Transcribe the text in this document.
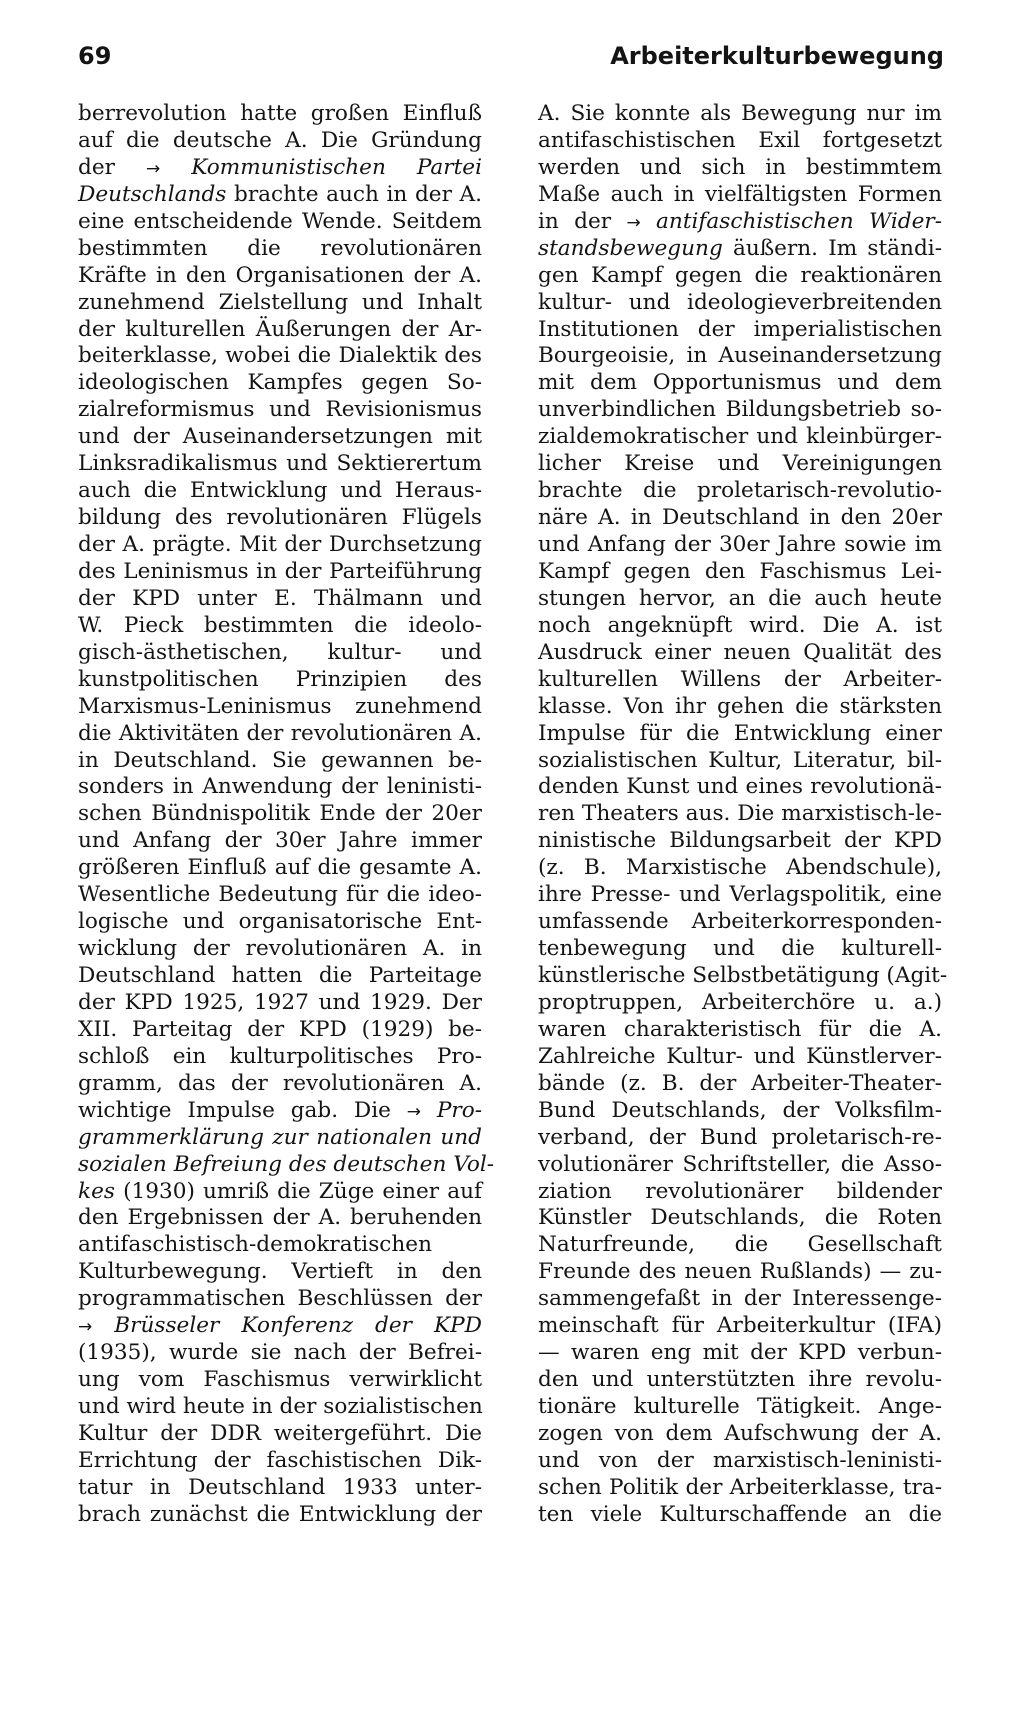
69	Arbeiterkulturbewegung
berrevolution hatte großen Einfluß
auf die deutsche A. Die Gründung
der → Kommunistischen Partei
Deutschlands brachte auch in der A.
eine entscheidende Wende. Seitdem
bestimmten die revolutionären
Kräfte in den Organisationen der A.
zunehmend Zielstellung und Inhalt
der kulturellen Äußerungen der Ar-
beiterklasse, wobei die Dialektik des
ideologischen Kampfes gegen So-
zialreformismus und Revisionismus
und der Auseinandersetzungen mit
Linksradikalismus und Sektierertum
auch die Entwicklung und Heraus-
bildung des revolutionären Flügels
der A. prägte. Mit der Durchsetzung
des Leninismus in der Parteiführung
der KPD unter E. Thälmann und
W. Pieck bestimmten die ideolo-
gisch-ästhetischen, kultur- und
kunstpolitischen Prinzipien des
Marxismus-Leninismus zunehmend
die Aktivitäten der revolutionären A.
in Deutschland. Sie gewannen be-
sonders in Anwendung der leninisti-
schen Bündnispolitik Ende der 20er
und Anfang der 30er Jahre immer
größeren Einfluß auf die gesamte A.
Wesentliche Bedeutung für die ideo-
logische und organisatorische Ent-
wicklung der revolutionären A. in
Deutschland hatten die Parteitage
der KPD 1925, 1927 und 1929. Der
XII. Parteitag der KPD (1929) be-
schloß ein kulturpolitisches Pro-
gramm, das der revolutionären A.
wichtige Impulse gab. Die → Pro-
grammerklärung zur nationalen und
sozialen Befreiung des deutschen Vol-
kes (1930) umriß die Züge einer auf
den Ergebnissen der A. beruhenden
antifaschistisch-demokratischen
Kulturbewegung. Vertieft in den
programmatischen Beschlüssen der
→ Brüsseler Konferenz der KPD
(1935), wurde sie nach der Befrei-
ung vom Faschismus verwirklicht
und wird heute in der sozialistischen
Kultur der DDR weitergeführt. Die
Errichtung der faschistischen Dik-
tatur in Deutschland 1933 unter-
brach zunächst die Entwicklung der
A. Sie konnte als Bewegung nur im
antifaschistischen Exil fortgesetzt
werden und sich in bestimmtem
Maße auch in vielfältigsten Formen
in der → antifaschistischen Wider-
standsbewegung äußern. Im ständi-
gen Kampf gegen die reaktionären
kultur- und ideologieverbreitenden
Institutionen der imperialistischen
Bourgeoisie, in Auseinandersetzung
mit dem Opportunismus und dem
unverbindlichen Bildungsbetrieb so-
zialdemokratischer und kleinbürger-
licher Kreise und Vereinigungen
brachte die proletarisch-revolutio-
näre A. in Deutschland in den 20er
und Anfang der 30er Jahre sowie im
Kampf gegen den Faschismus Lei-
stungen hervor, an die auch heute
noch angeknüpft wird. Die A. ist
Ausdruck einer neuen Qualität des
kulturellen Willens der Arbeiter-
klasse. Von ihr gehen die stärksten
Impulse für die Entwicklung einer
sozialistischen Kultur, Literatur, bil-
denden Kunst und eines revolutionä-
ren Theaters aus. Die marxistisch-le-
ninistische Bildungsarbeit der KPD
(z. B. Marxistische Abendschule),
ihre Presse- und Verlagspolitik, eine
umfassende Arbeiterkorresponden-
tenbewegung und die kulturell-
künstlerische Selbstbetätigung (Agit-
proptruppen, Arbeiterchöre u. a.)
waren charakteristisch für die A.
Zahlreiche Kultur- und Künstlerver-
bände (z. B. der Arbeiter-Theater-
Bund Deutschlands, der Volksfilm-
verband, der Bund proletarisch-re-
volutionärer Schriftsteller, die Asso-
ziation revolutionärer bildender
Künstler Deutschlands, die Roten
Naturfreunde, die Gesellschaft
Freunde des neuen Rußlands) — zu-
sammengefaßt in der Interessenge-
meinschaft für Arbeiterkultur (IFA)
— waren eng mit der KPD verbun-
den und unterstützten ihre revolu-
tionäre kulturelle Tätigkeit. Ange-
zogen von dem Aufschwung der A.
und von der marxistisch-leninisti-
schen Politik der Arbeiterklasse, tra-
ten viele Kulturschaffende an die
